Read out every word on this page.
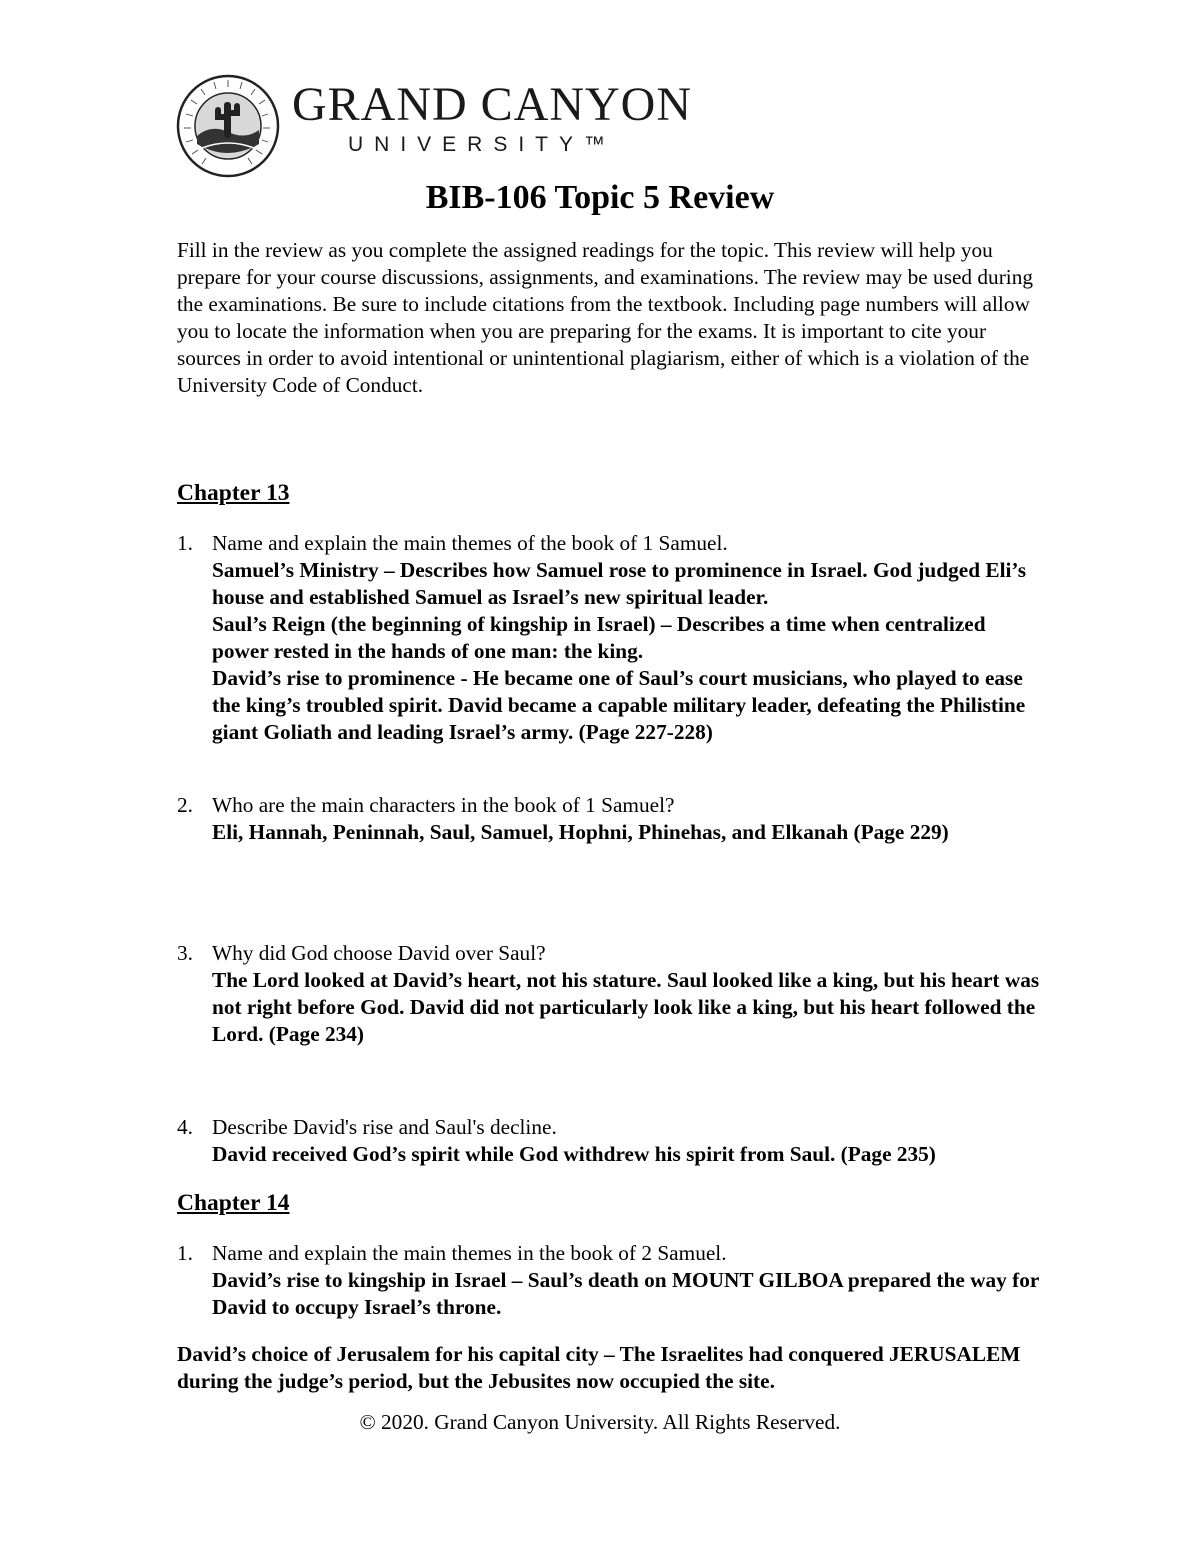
GRAND CANYON
UNIVERSITY™
BIB-106 Topic 5 Review

Fill in the review as you complete the assigned readings for the topic. This review will help you prepare for your course discussions, assignments, and examinations. The review may be used during the examinations. Be sure to include citations from the textbook. Including page numbers will allow you to locate the information when you are preparing for the exams. It is important to cite your sources in order to avoid intentional or unintentional plagiarism, either of which is a violation of the University Code of Conduct.

Chapter 13
1. Name and explain the main themes of the book of 1 Samuel.
Samuel’s Ministry – Describes how Samuel rose to prominence in Israel. God judged Eli’s house and established Samuel as Israel’s new spiritual leader.
Saul’s Reign (the beginning of kingship in Israel) – Describes a time when centralized power rested in the hands of one man: the king.
David’s rise to prominence - He became one of Saul’s court musicians, who played to ease the king’s troubled spirit. David became a capable military leader, defeating the Philistine giant Goliath and leading Israel’s army. (Page 227-228)
2. Who are the main characters in the book of 1 Samuel?
Eli, Hannah, Peninnah, Saul, Samuel, Hophni, Phinehas, and Elkanah (Page 229)
3. Why did God choose David over Saul?
The Lord looked at David’s heart, not his stature. Saul looked like a king, but his heart was not right before God. David did not particularly look like a king, but his heart followed the Lord. (Page 234)
4. Describe David's rise and Saul's decline.
David received God’s spirit while God withdrew his spirit from Saul. (Page 235)
Chapter 14
1. Name and explain the main themes in the book of 2 Samuel.

David’s rise to kingship in Israel – Saul’s death on MOUNT GILBOA prepared the way for David to occupy Israel’s throne.

David’s choice of Jerusalem for his capital city – The Israelites had conquered JERUSALEM during the judge’s period, but the Jebusites now occupied the site.

© 2020. Grand Canyon University. All Rights Reserved.
